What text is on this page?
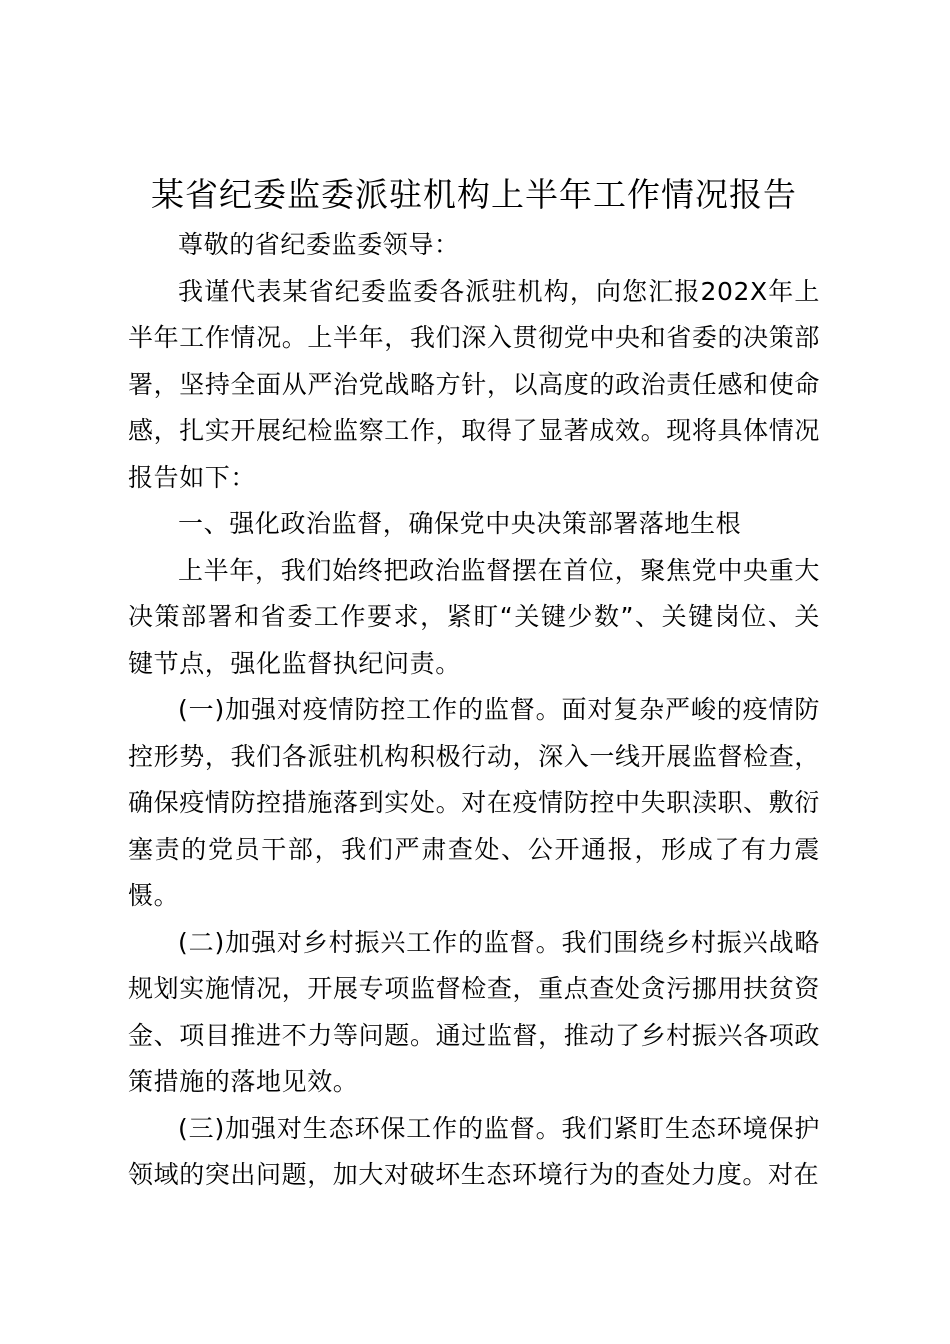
某省纪委监委派驻机构上半年工作情况报告

尊敬的省纪委监委领导：

我谨代表某省纪委监委各派驻机构，向您汇报202X年上半年工作情况。上半年，我们深入贯彻党中央和省委的决策部署，坚持全面从严治党战略方针，以高度的政治责任感和使命感，扎实开展纪检监察工作，取得了显著成效。现将具体情况报告如下：

一、强化政治监督，确保党中央决策部署落地生根

上半年，我们始终把政治监督摆在首位，聚焦党中央重大决策部署和省委工作要求，紧盯“关键少数”、关键岗位、关键节点，强化监督执纪问责。

(一)加强对疫情防控工作的监督。面对复杂严峻的疫情防控形势，我们各派驻机构积极行动，深入一线开展监督检查，确保疫情防控措施落到实处。对在疫情防控中失职渎职、敷衍塞责的党员干部，我们严肃查处、公开通报，形成了有力震慑。

(二)加强对乡村振兴工作的监督。我们围绕乡村振兴战略规划实施情况，开展专项监督检查，重点查处贪污挪用扶贫资金、项目推进不力等问题。通过监督，推动了乡村振兴各项政策措施的落地见效。

(三)加强对生态环保工作的监督。我们紧盯生态环境保护领域的突出问题，加大对破坏生态环境行为的查处力度。对在
